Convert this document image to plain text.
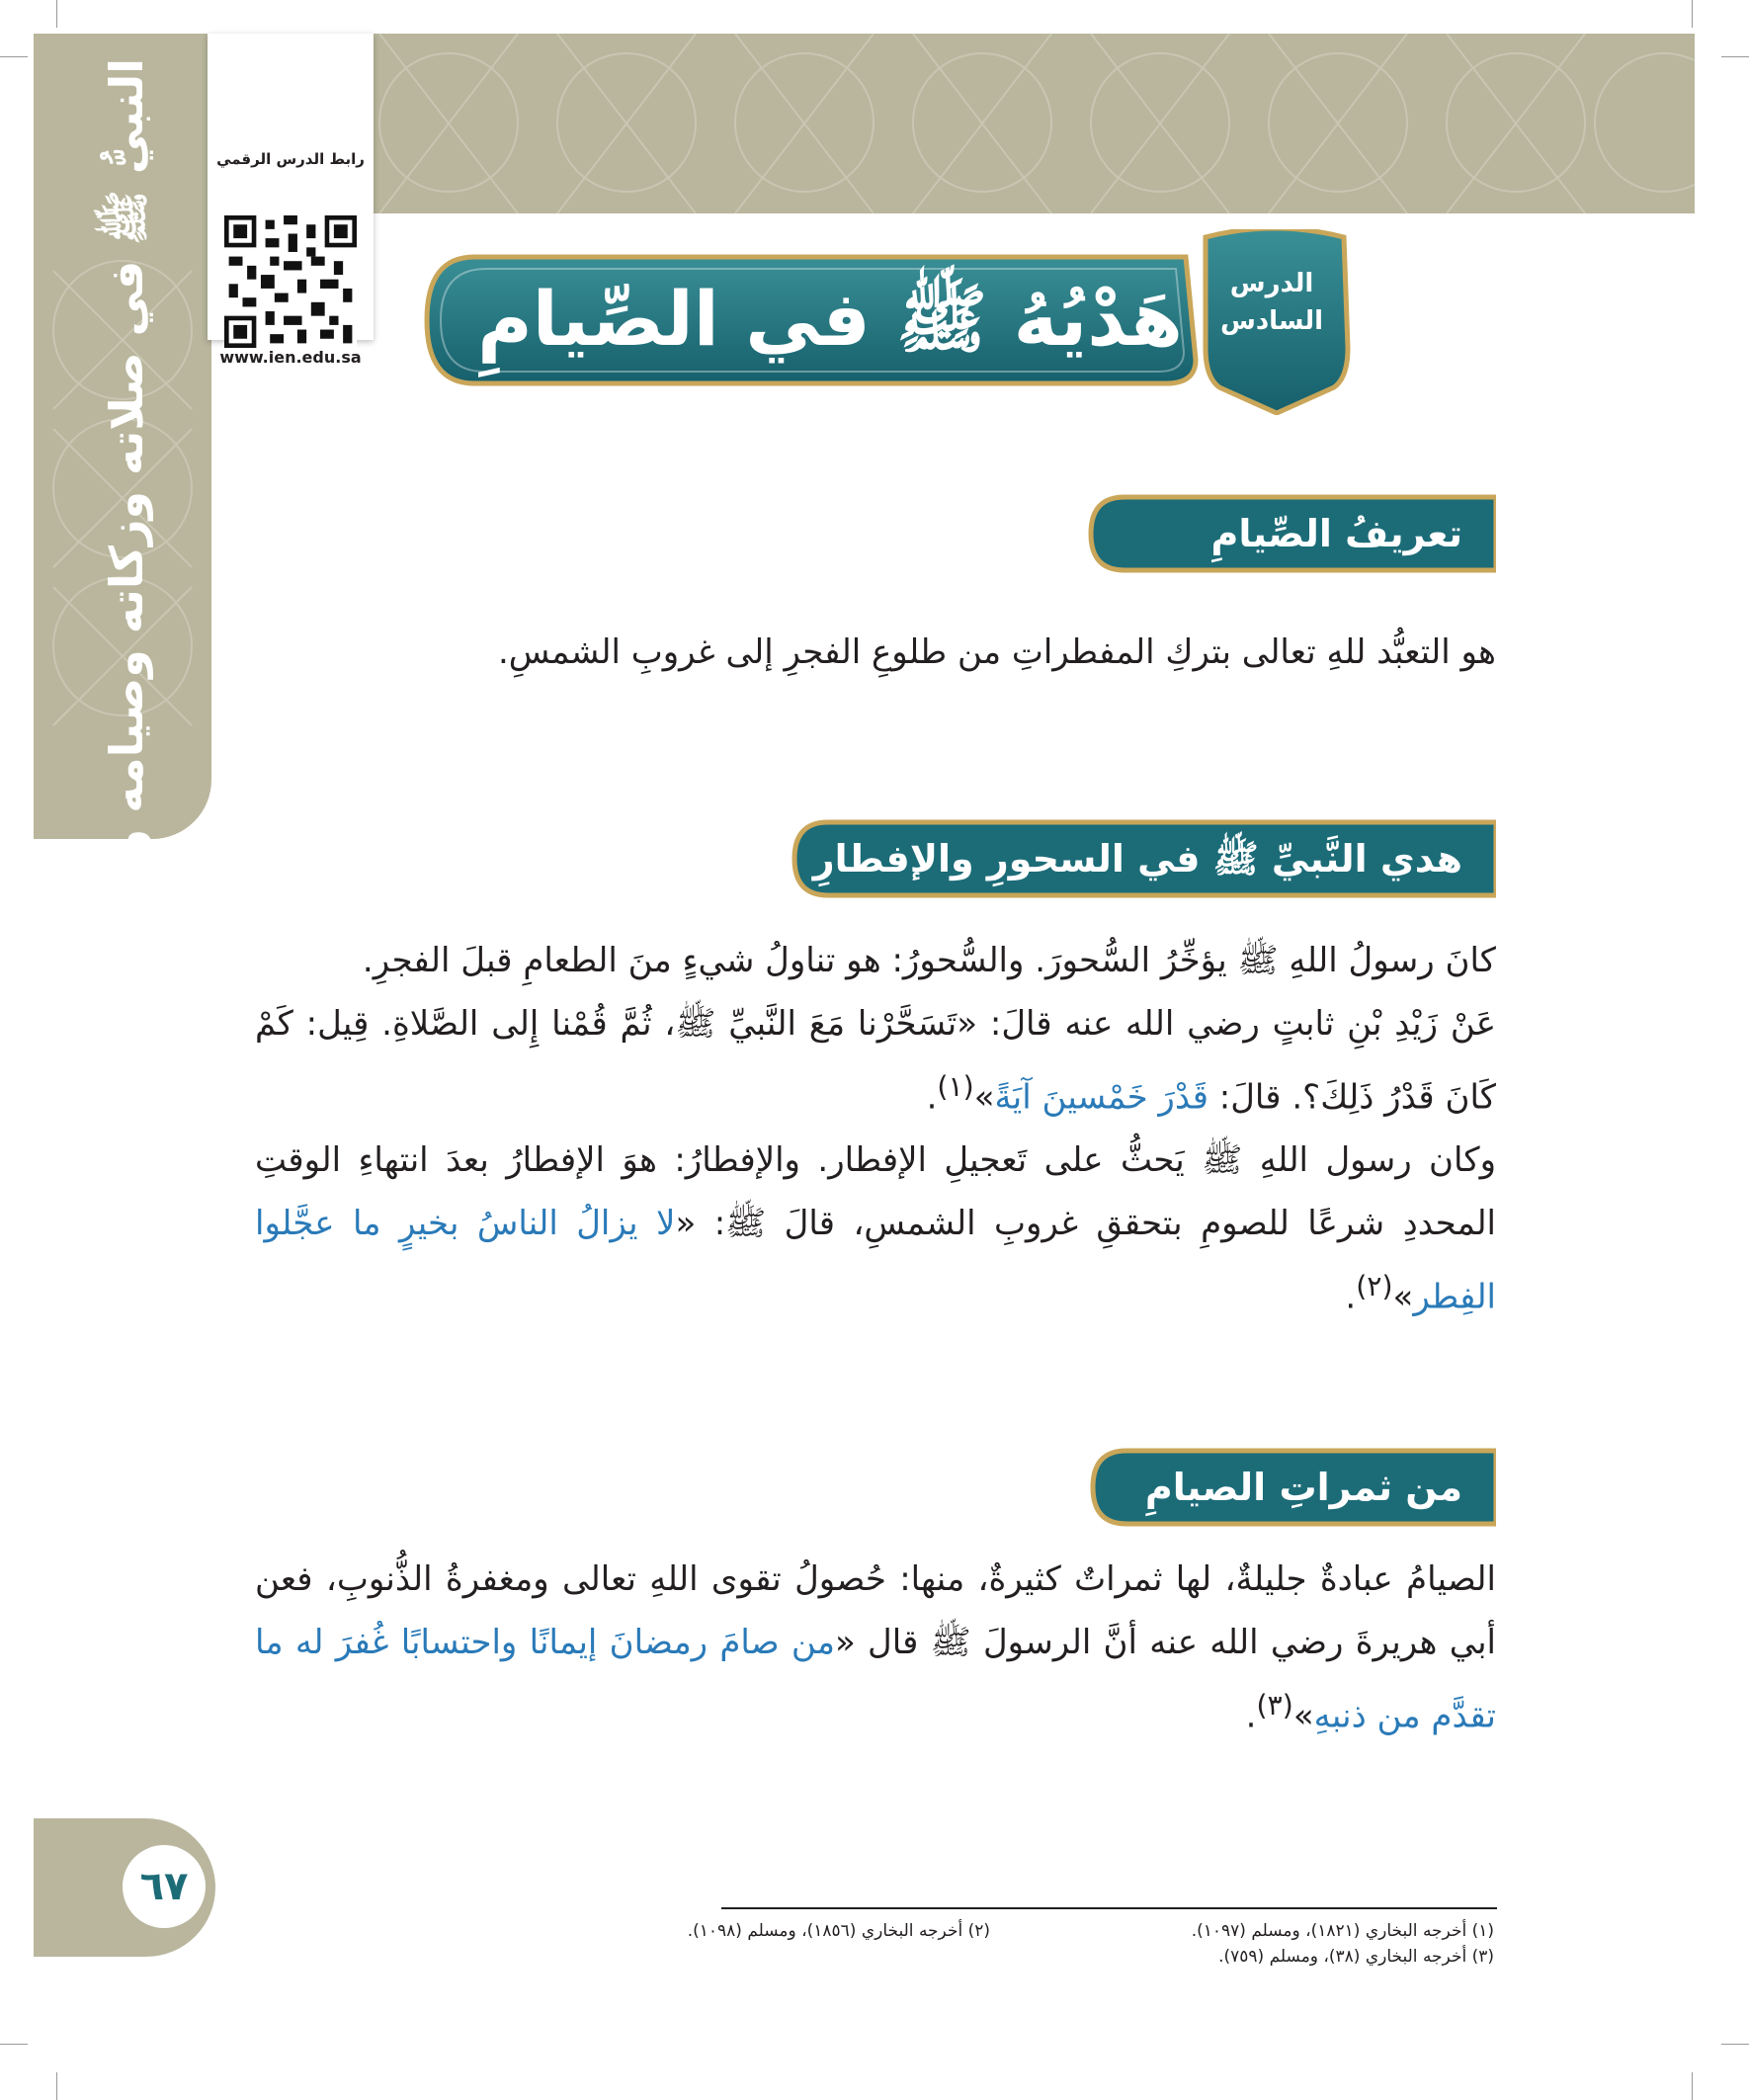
النبيُّ ﷺ في صلاته وزكاته وصيامه وحجه	رابط الدرس الرقمي
www.ien.edu.sa هَدْيُهُ ﷺ في الصِّيامِ	الدرس
السادس
تعريفُ الصِّيامِ
هو التعبُّد للهِ تعالى بتركِ المفطراتِ من طلوعِ الفجرِ إلى غروبِ الشمسِ.
هدي النَّبيِّ ﷺ في السحورِ والإفطارِ
كانَ رسولُ اللهِ ﷺ يؤخِّرُ السُّحورَ. والسُّحورُ: هو تناولُ شيءٍ منَ الطعامِ قبلَ الفجرِ.
عَنْ زَيْدِ بْنِ ثابتٍ رضي الله عنه قالَ: «تَسَحَّرْنا مَعَ النَّبيِّ ﷺ، ثُمَّ قُمْنا إِلى الصَّلاةِ. قِيل: كَمْ كَانَ قَدْرُ ذَلِكَ؟. قالَ: قَدْرَ خَمْسينَ آيَةً»$^{(١)}$.
وكان رسول اللهِ ﷺ يَحثُّ على تَعجيلِ الإفطار. والإفطارُ: هوَ الإفطارُ بعدَ انتهاءِ الوقتِ المحددِ شرعًا للصومِ بتحققِ غروبِ الشمسِ، قالَ ﷺ: «لا يزالُ الناسُ بخيرٍ ما عجَّلوا الفِطر»$^{(٢)}$.
من ثمراتِ الصيامِ
الصيامُ عبادةٌ جليلةٌ، لها ثمراتٌ كثيرةٌ، منها: حُصولُ تقوى اللهِ تعالى ومغفرةُ الذُّنوبِ، فعن أبي هريرةَ رضي الله عنه أنَّ الرسولَ ﷺ قال «من صامَ رمضانَ إيمانًا واحتسابًا غُفرَ له ما تقدَّم من ذنبهِ»$^{(٣)}$.
٦٧
(١) أخرجه البخاري (١٨٢١)، ومسلم (١٠٩٧).
(٢) أخرجه البخاري (١٨٥٦)، ومسلم (١٠٩٨).
(٣) أخرجه البخاري (٣٨)، ومسلم (٧٥٩).
